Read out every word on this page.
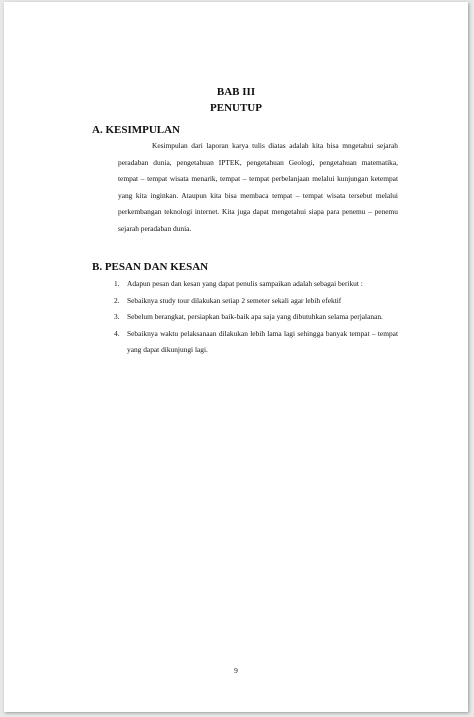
BAB III
PENUTUP
A. KESIMPULAN
Kesimpulan dari laporan karya tulis diatas adalah kita bisa mngetahui sejarah peradaban dunia, pengetahuan IPTEK, pengetahuan Geologi, pengetahuan matematika, tempat – tempat wisata menarik, tempat – tempat perbelanjaan melalui kunjungan ketempat yang kita inginkan. Ataupun kita bisa membaca tempat – tempat wisata tersebut melalui perkembangan teknologi internet. Kita juga dapat mengetahui siapa para penemu – penemu sejarah peradaban dunia.
B. PESAN DAN KESAN
1. Adapun pesan dan kesan yang dapat penulis sampaikan adalah sebagai berikut :
2. Sebaiknya study tour dilakukan setiap 2 semeter sekali agar lebih efektif
3. Sebelum berangkat, persiapkan baik-baik apa saja yang dibutuhkan selama perjalanan.
4. Sebaiknya waktu pelaksanaan dilakukan lebih lama lagi sehingga banyak tempat – tempat yang dapat dikunjungi lagi.
9
